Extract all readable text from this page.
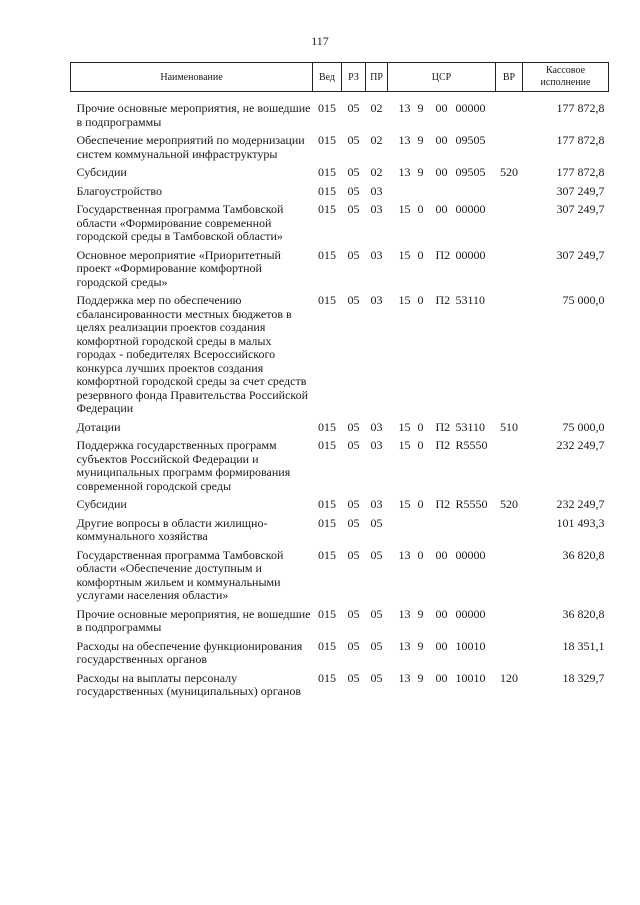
117
Наименование	Вед	РЗ	ПР	ЦСР	ВР	Кассовое исполнение
Прочие основные мероприятия, не вошедшие в подпрограммы	015	05	02	13 9 00 00000		177 872,8
Обеспечение мероприятий по модернизации систем коммунальной инфраструктуры	015	05	02	13 9 00 09505		177 872,8
Субсидии	015	05	02	13 9 00 09505	520	177 872,8
Благоустройство	015	05	03			307 249,7
Государственная программа Тамбовской области «Формирование современной городской среды в Тамбовской области»	015	05	03	15 0 00 00000		307 249,7
Основное мероприятие «Приоритетный проект «Формирование комфортной городской среды»	015	05	03	15 0 П2 00000		307 249,7
Поддержка мер по обеспечению сбалансированности местных бюджетов в целях реализации проектов создания комфортной городской среды в малых городах - победителях Всероссийского конкурса лучших проектов создания комфортной городской среды за счет средств резервного фонда Правительства Российской Федерации	015	05	03	15 0 П2 53110		75 000,0
Дотации	015	05	03	15 0 П2 53110	510	75 000,0
Поддержка государственных программ субъектов Российской Федерации и муниципальных программ формирования современной городской среды	015	05	03	15 0 П2 R5550		232 249,7
Субсидии	015	05	03	15 0 П2 R5550	520	232 249,7
Другие вопросы в области жилищно-коммунального хозяйства	015	05	05			101 493,3
Государственная программа Тамбовской области «Обеспечение доступным и комфортным жильем и коммунальными услугами населения области»	015	05	05	13 0 00 00000		36 820,8
Прочие основные мероприятия, не вошедшие в подпрограммы	015	05	05	13 9 00 00000		36 820,8
Расходы на обеспечение функционирования государственных органов	015	05	05	13 9 00 10010		18 351,1
Расходы на выплаты персоналу государственных (муниципальных) органов	015	05	05	13 9 00 10010	120	18 329,7
